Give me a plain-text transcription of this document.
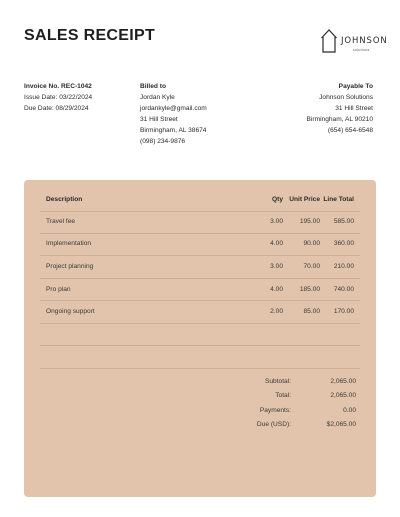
SALES RECEIPT	JOHNSON
solutions
Invoice No. REC-1042
Issue Date: 03/22/2024
Due Date: 08/29/2024
Billed to
Jordan Kyle
jordankyle@gmail.com
31 Hill Street
Birmingham, AL 38674
(098) 234-9876
Payable To
Johnson Solutions
31 Hill Street
Birmingham, AL 90210
(654) 654-6548
Description	Qty Unit Price Line Total
Travel fee	3.00	195.00 585.00
Implementation	4.00	90.00 360.00
Project planning	3.00	70.00 210.00
Pro plan	4.00	185.00 740.00
Ongoing support	2.00	85.00 170.00
Subtotal:	2,065.00
Total:	2,065.00
Payments:	0.00
Due (USD):	$2,065.00
